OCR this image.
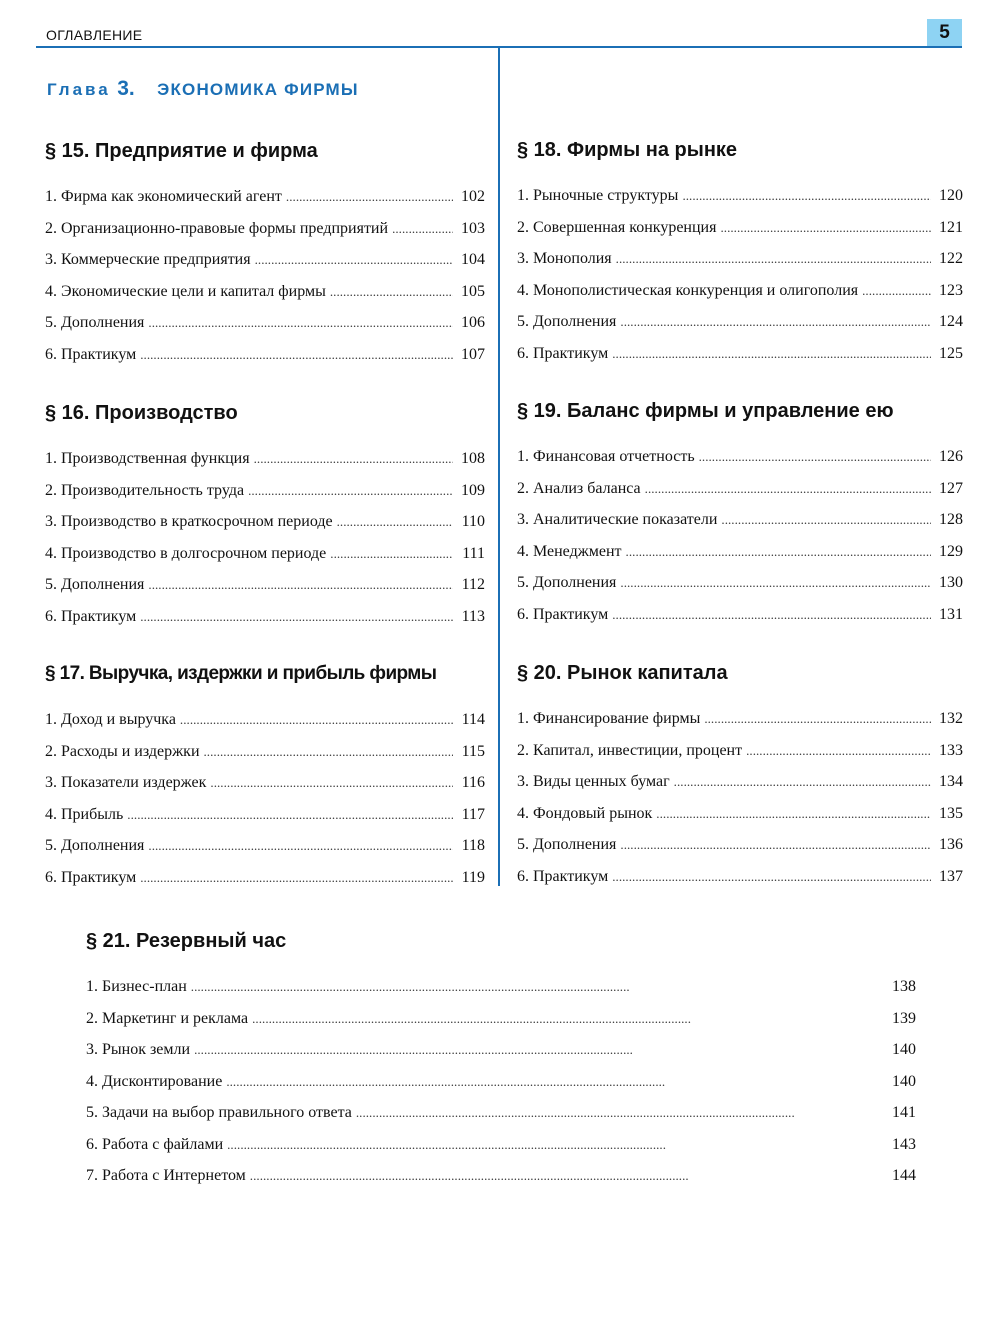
ОГЛАВЛЕНИЕ	5
Глава 3. ЭКОНОМИКА ФИРМЫ
§ 15. Предприятие и фирма
1. Фирма как экономический агент . . .	102
2. Организационно-правовые формы предприятий . . .	103
3. Коммерческие предприятия . . .	104
4. Экономические цели и капитал фирмы . . .	105
5. Дополнения . . .	106
6. Практикум . . .	107
§ 16. Производство
1. Производственная функция . . .	108
2. Производительность труда . . .	109
3. Производство в краткосрочном периоде . . .	110
4. Производство в долгосрочном периоде . . .	111
5. Дополнения . . .	112
6. Практикум . . .	113
§ 17. Выручка, издержки и прибыль фирмы
1. Доход и выручка . . .	114
2. Расходы и издержки . . .	115
3. Показатели издержек . . .	116
4. Прибыль . . .	117
5. Дополнения . . .	118
6. Практикум . . .	119
§ 18. Фирмы на рынке
1. Рыночные структуры . . .	120
2. Совершенная конкуренция . . .	121
3. Монополия . . .	122
4. Монополистическая конкуренция и олигополия . . .	123
5. Дополнения . . .	124
6. Практикум . . .	125
§ 19. Баланс фирмы и управление ею
1. Финансовая отчетность . . .	126
2. Анализ баланса . . .	127
3. Аналитические показатели . . .	128
4. Менеджмент . . .	129
5. Дополнения . . .	130
6. Практикум . . .	131
§ 20. Рынок капитала
1. Финансирование фирмы . . .	132
2. Капитал, инвестиции, процент . . .	133
3. Виды ценных бумаг . . .	134
4. Фондовый рынок . . .	135
5. Дополнения . . .	136
6. Практикум . . .	137
§ 21. Резервный час
1. Бизнес-план . . .	138
2. Маркетинг и реклама . . .	139
3. Рынок земли . . .	140
4. Дисконтирование . . .	140
5. Задачи на выбор правильного ответа . . .	141
6. Работа с файлами . . .	143
7. Работа с Интернетом . . .	144
